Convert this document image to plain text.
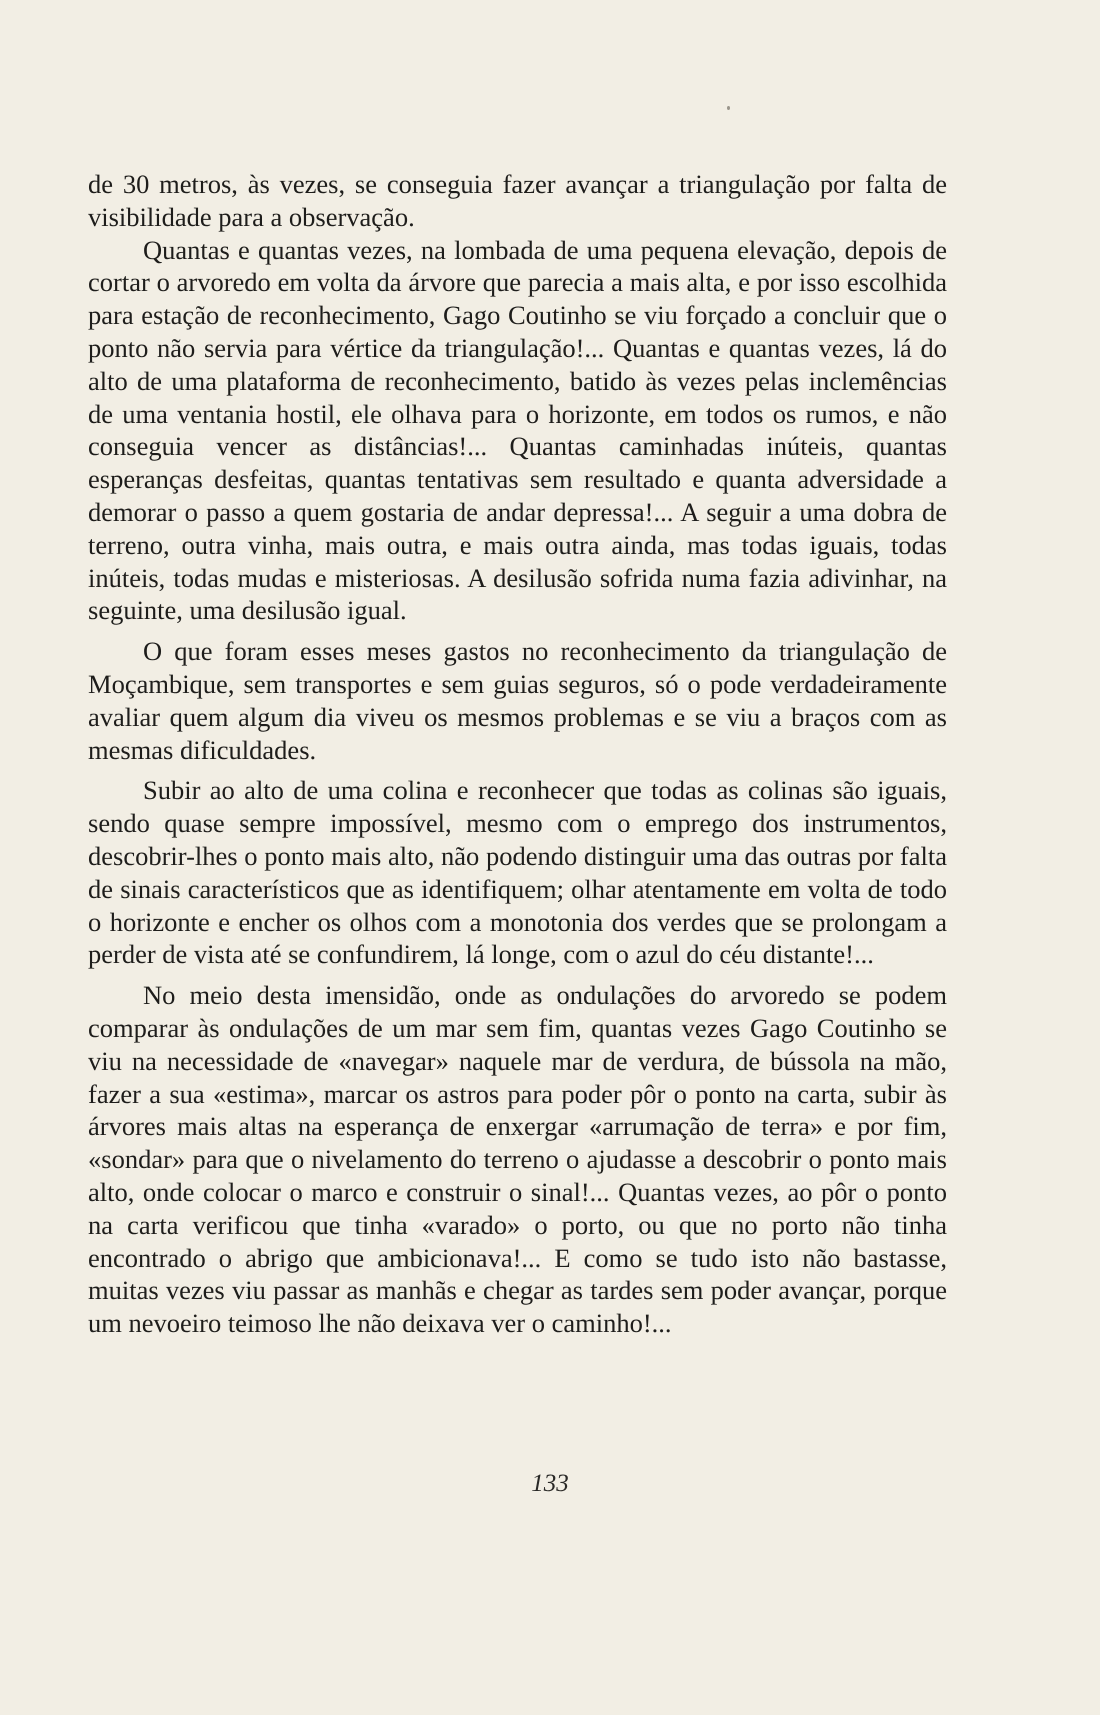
de 30 metros, às vezes, se conseguia fazer avançar a triangulação por falta de visibilidade para a observação.

Quantas e quantas vezes, na lombada de uma pequena elevação, depois de cortar o arvoredo em volta da árvore que parecia a mais alta, e por isso escolhida para estação de reconhecimento, Gago Coutinho se viu forçado a concluir que o ponto não servia para vértice da triangulação!... Quantas e quantas vezes, lá do alto de uma plataforma de reconhecimento, batido às vezes pelas inclemências de uma ventania hostil, ele olhava para o horizonte, em todos os rumos, e não conseguia vencer as distâncias!... Quantas caminhadas inúteis, quantas esperanças desfeitas, quantas tentativas sem resultado e quanta adversidade a demorar o passo a quem gostaria de andar depressa!... A seguir a uma dobra de terreno, outra vinha, mais outra, e mais outra ainda, mas todas iguais, todas inúteis, todas mudas e misteriosas. A desilusão sofrida numa fazia adivinhar, na seguinte, uma desilusão igual.

O que foram esses meses gastos no reconhecimento da triangulação de Moçambique, sem transportes e sem guias seguros, só o pode verdadeiramente avaliar quem algum dia viveu os mesmos problemas e se viu a braços com as mesmas dificuldades.

Subir ao alto de uma colina e reconhecer que todas as colinas são iguais, sendo quase sempre impossível, mesmo com o emprego dos instrumentos, descobrir-lhes o ponto mais alto, não podendo distinguir uma das outras por falta de sinais característicos que as identifiquem; olhar atentamente em volta de todo o horizonte e encher os olhos com a monotonia dos verdes que se prolongam a perder de vista até se confundirem, lá longe, com o azul do céu distante!...

No meio desta imensidão, onde as ondulações do arvoredo se podem comparar às ondulações de um mar sem fim, quantas vezes Gago Coutinho se viu na necessidade de «navegar» naquele mar de verdura, de bússola na mão, fazer a sua «estima», marcar os astros para poder pôr o ponto na carta, subir às árvores mais altas na esperança de enxergar «arrumação de terra» e por fim, «sondar» para que o nivelamento do terreno o ajudasse a descobrir o ponto mais alto, onde colocar o marco e construir o sinal!... Quantas vezes, ao pôr o ponto na carta verificou que tinha «varado» o porto, ou que no porto não tinha encontrado o abrigo que ambicionava!... E como se tudo isto não bastasse, muitas vezes viu passar as manhãs e chegar as tardes sem poder avançar, porque um nevoeiro teimoso lhe não deixava ver o caminho!...

133
